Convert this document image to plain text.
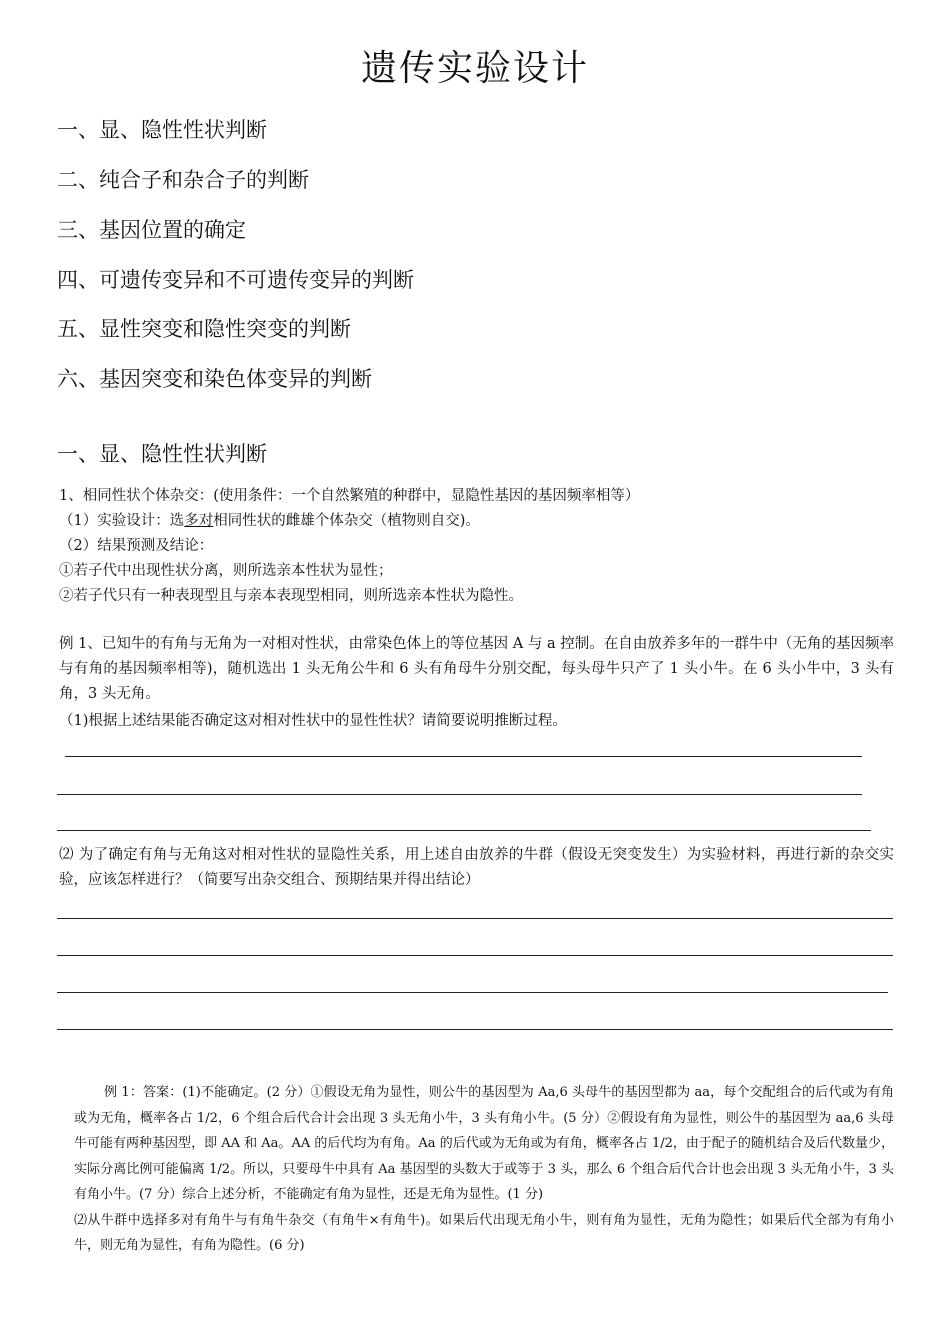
遗传实验设计
一、显、隐性性状判断
二、纯合子和杂合子的判断
三、基因位置的确定
四、可遗传变异和不可遗传变异的判断
五、显性突变和隐性突变的判断
六、基因突变和染色体变异的判断
一、显、隐性性状判断
1、相同性状个体杂交：(使用条件：一个自然繁殖的种群中，显隐性基因的基因频率相等）
（1）实验设计：选多对相同性状的雌雄个体杂交（植物则自交)。
（2）结果预测及结论：
①若子代中出现性状分离，则所选亲本性状为显性；
②若子代只有一种表现型且与亲本表现型相同，则所选亲本性状为隐性。
例 1、已知牛的有角与无角为一对相对性状，由常染色体上的等位基因 A 与 a 控制。在自由放养多年的一群牛中（无角的基因频率与有角的基因频率相等)，随机选出 1 头无角公牛和 6 头有角母牛分别交配，每头母牛只产了 1 头小牛。在 6 头小牛中，3 头有角，3 头无角。
（1)根据上述结果能否确定这对相对性状中的显性性状？请简要说明推断过程。
⑵ 为了确定有角与无角这对相对性状的显隐性关系，用上述自由放养的牛群（假设无突变发生）为实验材料，再进行新的杂交实验，应该怎样进行？（简要写出杂交组合、预期结果并得出结论）

例 1：答案：(1)不能确定。(2 分）①假设无角为显性，则公牛的基因型为 Aa,6 头母牛的基因型都为 aa，每个交配组合的后代或为有角或为无角，概率各占 1/2，6 个组合后代合计会出现 3 头无角小牛，3 头有角小牛。(5 分）②假设有角为显性，则公牛的基因型为 aa,6 头母牛可能有两种基因型，即 AA 和 Aa。AA 的后代均为有角。Aa 的后代或为无角或为有角，概率各占 1/2，由于配子的随机结合及后代数量少，实际分离比例可能偏离 1/2。所以，只要母牛中具有 Aa 基因型的头数大于或等于 3 头，那么 6 个组合后代合计也会出现 3 头无角小牛，3 头有角小牛。(7 分）综合上述分析，不能确定有角为显性，还是无角为显性。(1 分)

⑵从牛群中选择多对有角牛与有角牛杂交（有角牛×有角牛)。如果后代出现无角小牛，则有角为显性，无角为隐性；如果后代全部为有角小牛，则无角为显性，有角为隐性。(6 分)
